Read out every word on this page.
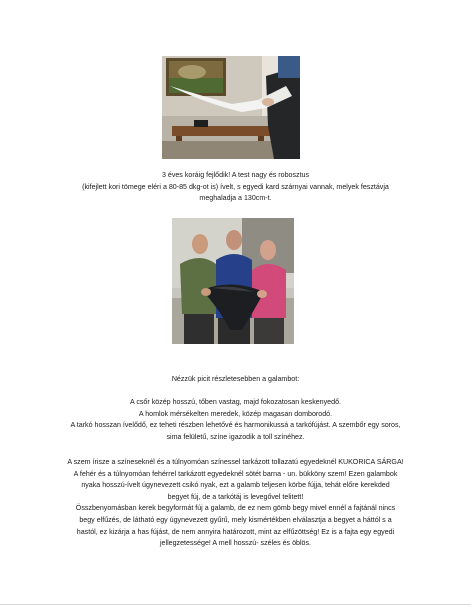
3 éves koráig fejlődik! A test nagy és robosztus

(kifejlett kori tömege eléri a 80-85 dkg-ot is) ívelt, s egyedi kard szárnyai vannak, melyek fesztávja

meghaladja a 130cm-t.

Nézzük picit részletesebben a galambot:

A csőr közép hosszú, tőben vastag, majd fokozatosan keskenyedő.

A homlok mérsékelten meredek, közép magasan domborodó.

A tarkó hosszan ívelődő, ez teheti részben lehetővé és harmonikussá a tarkófújást. A szembőr egy soros,

sima felületű, színe igazodik a toll színéhez.

A szem írisze a színeseknél és a túlnyomóan színessel tarkázott tollazatú egyedeknél KUKORICA SÁRGA!

A fehér és a túlnyomóan fehérrel tarkázott egyedeknél sötét barna - un. bükköny szem! Ezen galambok

nyaka hosszú-ívelt úgynevezett csikó nyak, ezt a galamb teljesen körbe fújja, tehát előre kerekded

begyet fúj, de a tarkótáj is levegővel telitett!

Összbenyomásban kerek begyformát fúj a galamb, de ez nem gömb begy mivel ennél a fajtánál nincs

begy elfűzés, de látható egy úgynevezett gyűrű, mely kismértékben elválasztja a begyet a háttól s a

hastól, ez kizárja a has fújást, de nem annyira határozott, mint az elfűzöttség! Ez is a fajta egy egyedi

jellegzetessége! A mell hosszú- széles és öblös.
